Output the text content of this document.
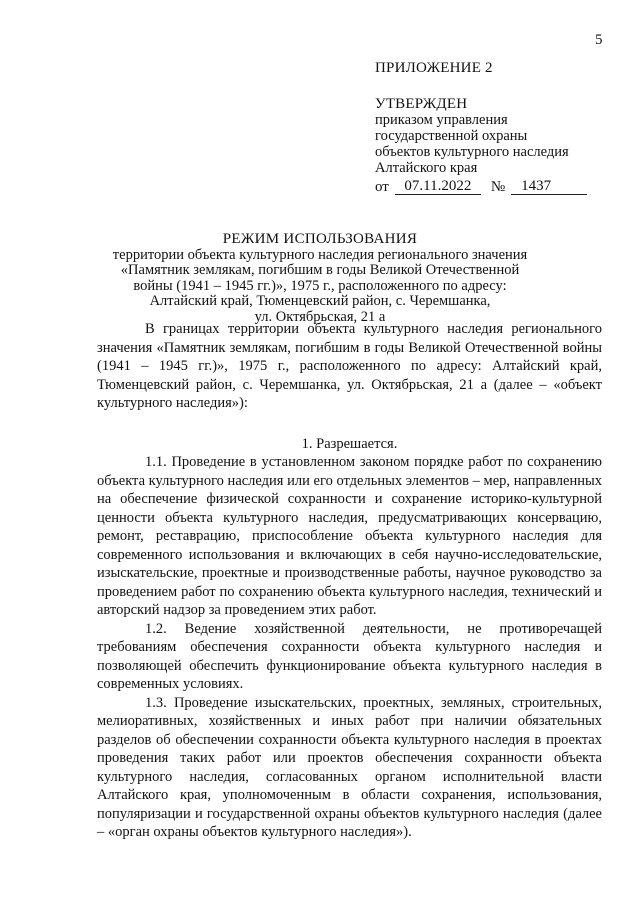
5
ПРИЛОЖЕНИЕ 2
УТВЕРЖДЕН
приказом управления
государственной охраны
объектов культурного наследия
Алтайского края
от	07.11.2022	№	1437
РЕЖИМ ИСПОЛЬЗОВАНИЯ
территории объекта культурного наследия регионального значения
«Памятник землякам, погибшим в годы Великой Отечественной
войны (1941 – 1945 гг.)», 1975 г., расположенного по адресу:
Алтайский край, Тюменцевский район, с. Черемшанка,
ул. Октябрьская, 21 а

В границах территории объекта культурного наследия регионального значения «Памятник землякам, погибшим в годы Великой Отечественной войны (1941 – 1945 гг.)», 1975 г., расположенного по адресу: Алтайский край, Тюменцевский район, с. Черемшанка, ул. Октябрьская, 21 а (далее – «объект культурного наследия»):

1. Разрешается.

1.1. Проведение в установленном законом порядке работ по сохранению объекта культурного наследия или его отдельных элементов – мер, направленных на обеспечение физической сохранности и сохранение историко-культурной ценности объекта культурного наследия, предусматривающих консервацию, ремонт, реставрацию, приспособление объекта культурного наследия для современного использования и включающих в себя научно-исследовательские, изыскательские, проектные и производственные работы, научное руководство за проведением работ по сохранению объекта культурного наследия, технический и авторский надзор за проведением этих работ.

1.2. Ведение хозяйственной деятельности, не противоречащей требованиям обеспечения сохранности объекта культурного наследия и позволяющей обеспечить функционирование объекта культурного наследия в современных условиях.

1.3. Проведение изыскательских, проектных, земляных, строительных, мелиоративных, хозяйственных и иных работ при наличии обязательных разделов об обеспечении сохранности объекта культурного наследия в проектах проведения таких работ или проектов обеспечения сохранности объекта культурного наследия, согласованных органом исполнительной власти Алтайского края, уполномоченным в области сохранения, использования, популяризации и государственной охраны объектов культурного наследия (далее – «орган охраны объектов культурного наследия»).
